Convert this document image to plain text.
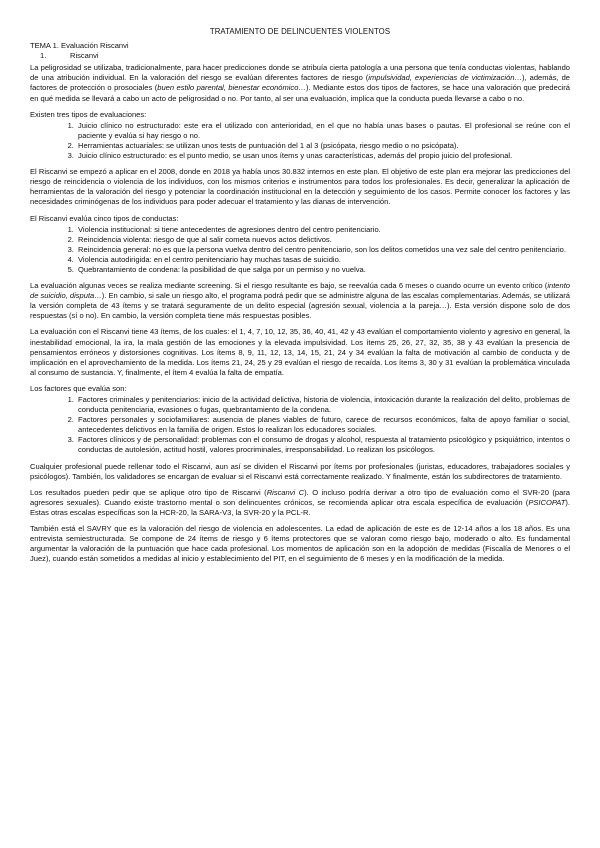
TRATAMIENTO DE DELINCUENTES VIOLENTOS
TEMA 1. Evaluación Riscanvi
1.	Riscanvi

La peligrosidad se utilizaba, tradicionalmente, para hacer predicciones donde se atribuía cierta patología a una persona que tenía conductas violentas, hablando de una atribución individual. En la valoración del riesgo se evalúan diferentes factores de riesgo (impulsividad, experiencias de victimización…), además, de factores de protección o prosociales (buen estilo parental, bienestar económico…). Mediante estos dos tipos de factores, se hace una valoración que predecirá en qué medida se llevará a cabo un acto de peligrosidad o no. Por tanto, al ser una evaluación, implica que la conducta pueda llevarse a cabo o no.

Existen tres tipos de evaluaciones:

1. Juicio clínico no estructurado: este era el utilizado con anterioridad, en el que no había unas bases o pautas. El profesional se reúne con el paciente y evalúa si hay riesgo o no.
2. Herramientas actuariales: se utilizan unos tests de puntuación del 1 al 3 (psicópata, riesgo medio o no psicópata).
3. Juicio clínico estructurado: es el punto medio, se usan unos ítems y unas características, además del propio juicio del profesional.

El Riscanvi se empezó a aplicar en el 2008, donde en 2018 ya había unos 30.832 internos en este plan. El objetivo de este plan era mejorar las predicciones del riesgo de reincidencia o violencia de los individuos, con los mismos criterios e instrumentos para todos los profesionales. Es decir, generalizar la aplicación de herramientas de la valoración del riesgo y potenciar la coordinación institucional en la detección y seguimiento de los casos. Permite conocer los factores y las necesidades criminógenas de los individuos para poder adecuar el tratamiento y las dianas de intervención.

El Riscanvi evalúa cinco tipos de conductas:

1. Violencia institucional: si tiene antecedentes de agresiones dentro del centro penitenciario.
2. Reincidencia violenta: riesgo de que al salir cometa nuevos actos delictivos.
3. Reincidencia general: no es que la persona vuelva dentro del centro penitenciario, son los delitos cometidos una vez sale del centro penitenciario.
4. Violencia autodirigida: en el centro penitenciario hay muchas tasas de suicidio.
5. Quebrantamiento de condena: la posibilidad de que salga por un permiso y no vuelva.

La evaluación algunas veces se realiza mediante screening. Si el riesgo resultante es bajo, se reevalúa cada 6 meses o cuando ocurre un evento crítico (intento de suicidio, disputa…). En cambio, si sale un riesgo alto, el programa podrá pedir que se administre alguna de las escalas complementarias. Además, se utilizará la versión completa de 43 ítems y se tratará seguramente de un delito especial (agresión sexual, violencia a la pareja…). Esta versión dispone solo de dos respuestas (sí o no). En cambio, la versión completa tiene más respuestas posibles.

La evaluación con el Riscanvi tiene 43 ítems, de los cuales: el 1, 4, 7, 10, 12, 35, 36, 40, 41, 42 y 43 evalúan el comportamiento violento y agresivo en general, la inestabilidad emocional, la ira, la mala gestión de las emociones y la elevada impulsividad. Los ítems 25, 26, 27, 32, 35, 38 y 43 evalúan la presencia de pensamientos erróneos y distorsiones cognitivas. Los ítems 8, 9, 11, 12, 13, 14, 15, 21, 24 y 34 evalúan la falta de motivación al cambio de conducta y de implicación en el aprovechamiento de la medida. Los ítems 21, 24, 25 y 29 evalúan el riesgo de recaída. Los ítems 3, 30 y 31 evalúan la problemática vinculada al consumo de sustancia. Y, finalmente, el ítem 4 evalúa la falta de empatía.

Los factores que evalúa son:

1. Factores criminales y penitenciarios: inicio de la actividad delictiva, historia de violencia, intoxicación durante la realización del delito, problemas de conducta penitenciaria, evasiones o fugas, quebrantamiento de la condena.
2. Factores personales y sociofamiliares: ausencia de planes viables de futuro, carece de recursos económicos, falta de apoyo familiar o social, antecedentes delictivos en la familia de origen. Estos lo realizan los educadores sociales.
3. Factores clínicos y de personalidad: problemas con el consumo de drogas y alcohol, respuesta al tratamiento psicológico y psiquiátrico, intentos o conductas de autolesión, actitud hostil, valores procriminales, irresponsabilidad. Lo realizan los psicólogos.

Cualquier profesional puede rellenar todo el Riscanvi, aun así se dividen el Riscanvi por ítems por profesionales (juristas, educadores, trabajadores sociales y psicólogos). También, los validadores se encargan de evaluar si el Riscanvi está correctamente realizado. Y finalmente, están los subdirectores de tratamiento.

Los resultados pueden pedir que se aplique otro tipo de Riscanvi (Riscanvi C). O incluso podría derivar a otro tipo de evaluación como el SVR-20 (para agresores sexuales). Cuando existe trastorno mental o son delincuentes crónicos, se recomienda aplicar otra escala específica de evaluación (PSICOPAT). Estas otras escalas específicas son la HCR-20, la SARA-V3, la SVR-20 y la PCL-R.

También está el SAVRY que es la valoración del riesgo de violencia en adolescentes. La edad de aplicación de este es de 12-14 años a los 18 años. Es una entrevista semiestructurada. Se compone de 24 ítems de riesgo y 6 ítems protectores que se valoran como riesgo bajo, moderado o alto. Es fundamental argumentar la valoración de la puntuación que hace cada profesional. Los momentos de aplicación son en la adopción de medidas (Fiscalía de Menores o el Juez), cuando están sometidos a medidas al inicio y establecimiento del PIT, en el seguimiento de 6 meses y en la modificación de la medida.
